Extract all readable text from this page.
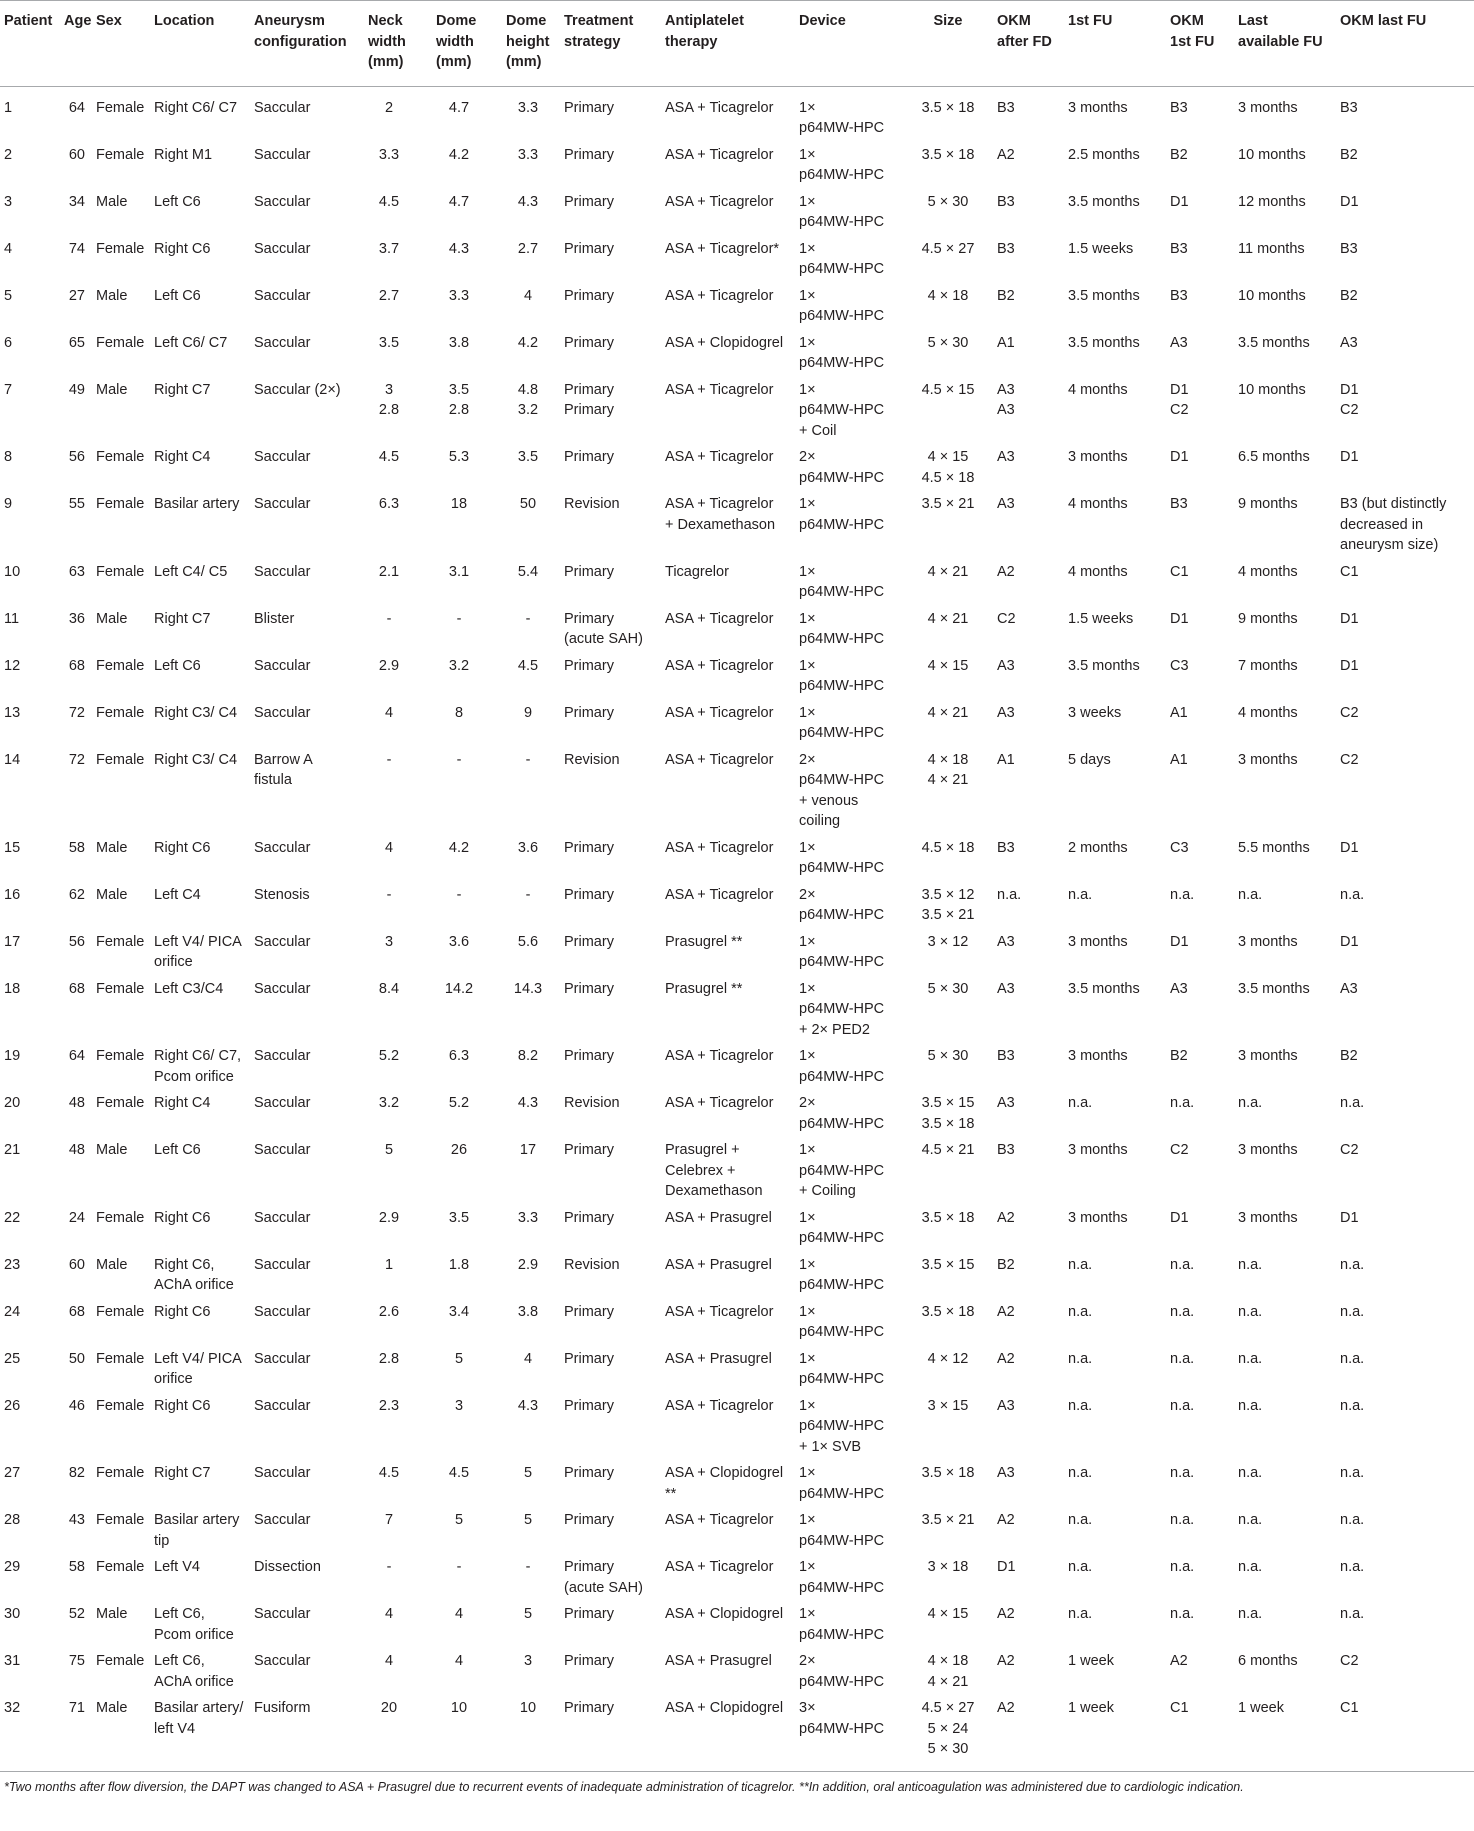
Patient	Age	Sex	Location	Aneurysm
configuration	Neck
width
(mm)	Dome
width
(mm)	Dome
height
(mm)	Treatment
strategy	Antiplatelet
therapy	Device	Size	OKM
after FD	1st FU	OKM
1st FU	Last
available FU	OKM last FU
1	64	Female	Right C6/ C7	Saccular	2	4.7	3.3	Primary	ASA + Ticagrelor	1×
p64MW-HPC	3.5 × 18	B3	3 months	B3	3 months	B3
2	60	Female	Right M1	Saccular	3.3	4.2	3.3	Primary	ASA + Ticagrelor	1×
p64MW-HPC	3.5 × 18	A2	2.5 months	B2	10 months	B2
3	34	Male	Left C6	Saccular	4.5	4.7	4.3	Primary	ASA + Ticagrelor	1×
p64MW-HPC	5 × 30	B3	3.5 months	D1	12 months	D1
4	74	Female	Right C6	Saccular	3.7	4.3	2.7	Primary	ASA + Ticagrelor*	1×
p64MW-HPC	4.5 × 27	B3	1.5 weeks	B3	11 months	B3
5	27	Male	Left C6	Saccular	2.7	3.3	4	Primary	ASA + Ticagrelor	1×
p64MW-HPC	4 × 18	B2	3.5 months	B3	10 months	B2
6	65	Female	Left C6/ C7	Saccular	3.5	3.8	4.2	Primary	ASA + Clopidogrel	1×
p64MW-HPC	5 × 30	A1	3.5 months	A3	3.5 months	A3
7	49	Male	Right C7	Saccular (2×)	3
2.8	3.5
2.8	4.8
3.2	Primary
Primary	ASA + Ticagrelor	1×
p64MW-HPC
+ Coil	4.5 × 15	A3
A3	4 months	D1
C2	10 months	D1
C2
8	56	Female	Right C4	Saccular	4.5	5.3	3.5	Primary	ASA + Ticagrelor	2×
p64MW-HPC	4 × 15
4.5 × 18	A3	3 months	D1	6.5 months	D1
9	55	Female	Basilar artery	Saccular	6.3	18	50	Revision	ASA + Ticagrelor
+ Dexamethason	1×
p64MW-HPC	3.5 × 21	A3	4 months	B3	9 months	B3 (but distinctly
decreased in
aneurysm size)
10	63	Female	Left C4/ C5	Saccular	2.1	3.1	5.4	Primary	Ticagrelor	1×
p64MW-HPC	4 × 21	A2	4 months	C1	4 months	C1
11	36	Male	Right C7	Blister	-	-	-	Primary
(acute SAH)	ASA + Ticagrelor	1×
p64MW-HPC	4 × 21	C2	1.5 weeks	D1	9 months	D1
12	68	Female	Left C6	Saccular	2.9	3.2	4.5	Primary	ASA + Ticagrelor	1×
p64MW-HPC	4 × 15	A3	3.5 months	C3	7 months	D1
13	72	Female	Right C3/ C4	Saccular	4	8	9	Primary	ASA + Ticagrelor	1×
p64MW-HPC	4 × 21	A3	3 weeks	A1	4 months	C2
14	72	Female	Right C3/ C4	Barrow A
fistula	-	-	-	Revision	ASA + Ticagrelor	2×
p64MW-HPC
+ venous
coiling	4 × 18
4 × 21	A1	5 days	A1	3 months	C2
15	58	Male	Right C6	Saccular	4	4.2	3.6	Primary	ASA + Ticagrelor	1×
p64MW-HPC	4.5 × 18	B3	2 months	C3	5.5 months	D1
16	62	Male	Left C4	Stenosis	-	-	-	Primary	ASA + Ticagrelor	2×
p64MW-HPC	3.5 × 12
3.5 × 21	n.a.	n.a.	n.a.	n.a.	n.a.
17	56	Female	Left V4/ PICA
orifice	Saccular	3	3.6	5.6	Primary	Prasugrel **	1×
p64MW-HPC	3 × 12	A3	3 months	D1	3 months	D1
18	68	Female	Left C3/C4	Saccular	8.4	14.2	14.3	Primary	Prasugrel **	1×
p64MW-HPC
+ 2× PED2	5 × 30	A3	3.5 months	A3	3.5 months	A3
19	64	Female	Right C6/ C7,
Pcom orifice	Saccular	5.2	6.3	8.2	Primary	ASA + Ticagrelor	1×
p64MW-HPC	5 × 30	B3	3 months	B2	3 months	B2
20	48	Female	Right C4	Saccular	3.2	5.2	4.3	Revision	ASA + Ticagrelor	2×
p64MW-HPC	3.5 × 15
3.5 × 18	A3	n.a.	n.a.	n.a.	n.a.
21	48	Male	Left C6	Saccular	5	26	17	Primary	Prasugrel +
Celebrex +
Dexamethason	1×
p64MW-HPC
+ Coiling	4.5 × 21	B3	3 months	C2	3 months	C2
22	24	Female	Right C6	Saccular	2.9	3.5	3.3	Primary	ASA + Prasugrel	1×
p64MW-HPC	3.5 × 18	A2	3 months	D1	3 months	D1
23	60	Male	Right C6,
AChA orifice	Saccular	1	1.8	2.9	Revision	ASA + Prasugrel	1×
p64MW-HPC	3.5 × 15	B2	n.a.	n.a.	n.a.	n.a.
24	68	Female	Right C6	Saccular	2.6	3.4	3.8	Primary	ASA + Ticagrelor	1×
p64MW-HPC	3.5 × 18	A2	n.a.	n.a.	n.a.	n.a.
25	50	Female	Left V4/ PICA
orifice	Saccular	2.8	5	4	Primary	ASA + Prasugrel	1×
p64MW-HPC	4 × 12	A2	n.a.	n.a.	n.a.	n.a.
26	46	Female	Right C6	Saccular	2.3	3	4.3	Primary	ASA + Ticagrelor	1×
p64MW-HPC
+ 1× SVB	3 × 15	A3	n.a.	n.a.	n.a.	n.a.
27	82	Female	Right C7	Saccular	4.5	4.5	5	Primary	ASA + Clopidogrel
**	1×
p64MW-HPC	3.5 × 18	A3	n.a.	n.a.	n.a.	n.a.
28	43	Female	Basilar artery
tip	Saccular	7	5	5	Primary	ASA + Ticagrelor	1×
p64MW-HPC	3.5 × 21	A2	n.a.	n.a.	n.a.	n.a.
29	58	Female	Left V4	Dissection	-	-	-	Primary
(acute SAH)	ASA + Ticagrelor	1×
p64MW-HPC	3 × 18	D1	n.a.	n.a.	n.a.	n.a.
30	52	Male	Left C6,
Pcom orifice	Saccular	4	4	5	Primary	ASA + Clopidogrel	1×
p64MW-HPC	4 × 15	A2	n.a.	n.a.	n.a.	n.a.
31	75	Female	Left C6,
AChA orifice	Saccular	4	4	3	Primary	ASA + Prasugrel	2×
p64MW-HPC	4 × 18
4 × 21	A2	1 week	A2	6 months	C2
32	71	Male	Basilar artery/
left V4	Fusiform	20	10	10	Primary	ASA + Clopidogrel	3×
p64MW-HPC	4.5 × 27
5 × 24
5 × 30	A2	1 week	C1	1 week	C1
*Two months after flow diversion, the DAPT was changed to ASA + Prasugrel due to recurrent events of inadequate administration of ticagrelor. **In addition, oral anticoagulation was administered due to cardiologic indication.
